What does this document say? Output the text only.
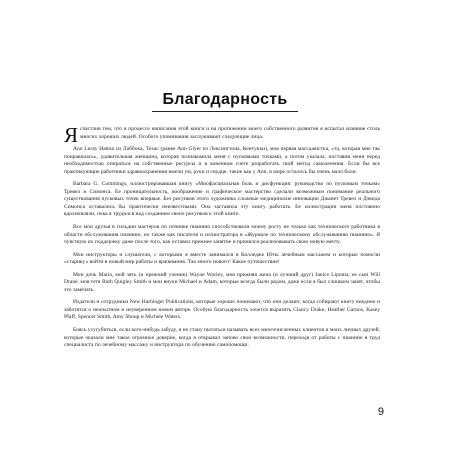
Благодарность

Я счастлив тем, что в процессе написания этой книги и на протяжении моего собственного развития я испытал влияние столь многих хороших людей. Особого упоминания заслуживают следующие лица.

Ann Luray Hatton из Лаббока, Техас (ранее Ann Glyer из Лексингтона, Кентукки), моя первая массажистка, «та, которая мне так понравилась», удивительная женщина, которая познакомила меня с пусковыми точками, а потом указала, поставив меня перед необходимостью опираться на собственные ресурсы и в конечном счете разработать свой метод самолечения. Если бы все практикующие работники здравоохранения имели ум, руки и сердце, такие как у Ann, в мире осталось бы очень мало боли.

Barbara G. Cummings, иллюстрировавшая книгу «Миофасциальная боль и дисфункция: руководство по пусковым точкам» Тревел и Симонса. Ее проницательность, воображение и графическое мастерство сделали возможным понимание реального существования пусковых точек впервые. Без рисунков этого художника сложные медицинские инновации Джанет Тревел и Дэвида Симонса оставались бы практически неизвестными. Она заставила эту книгу работать. Ее иллюстрации меня постоянно вдохновляли, пока я трудился над созданием своих рисунков к этой книге.

Все мои друзья в гильдии мастеров по починке пианино способствовали моему росту не только как технического работника в области обслуживания пианино, но также как писателя и иллюстратора в «Журнале по техническому обслуживанию пианино». Я чувствую их поддержку даже после того, как оставил прежнее занятие и принялся реализовывать свою новую мечту.

Мои инструкторы и слушатели, с которыми я вместе занимался в Колледже Юты лечебным массажем и которые помогли «старику» войти в новый мир работы и врачевания. Так много нового! Какое путешествие!

Мои дочь Maria, мой зять (и прежний ученик) Wayne Worley, моя прежняя жена (и лучший друг) Janice Lipuma, ее сын Will Drane, моя тетя Ruth Quigley Smith и мои внуки Michael и Adam, которые всегда были рядом, даже если я был слишком занят, чтобы это замечать.

Издатели и сотрудники New Harbinger Publications, которые хорошо понимают, что они делают, когда собирают книгу воедино и заботятся о неопытном и неуверенном новом авторе. Особую благодарность хочется выразить Clancy Drake, Heather Garnos, Kasey Pfaff, Spencer Smith, Amy Shoup и Michele Waters.

Боясь усугубиться, если кого-нибудь забуду, я не стану пытаться называть всех многочисленных клиентов и моих личных друзей, которые оказали мне такое огромное доверие, когда я открывал заново свои возможности, переходя от работы с пианино в труд специалиста по лечебному массажу и инструктора по обучению самопомощи.

9
